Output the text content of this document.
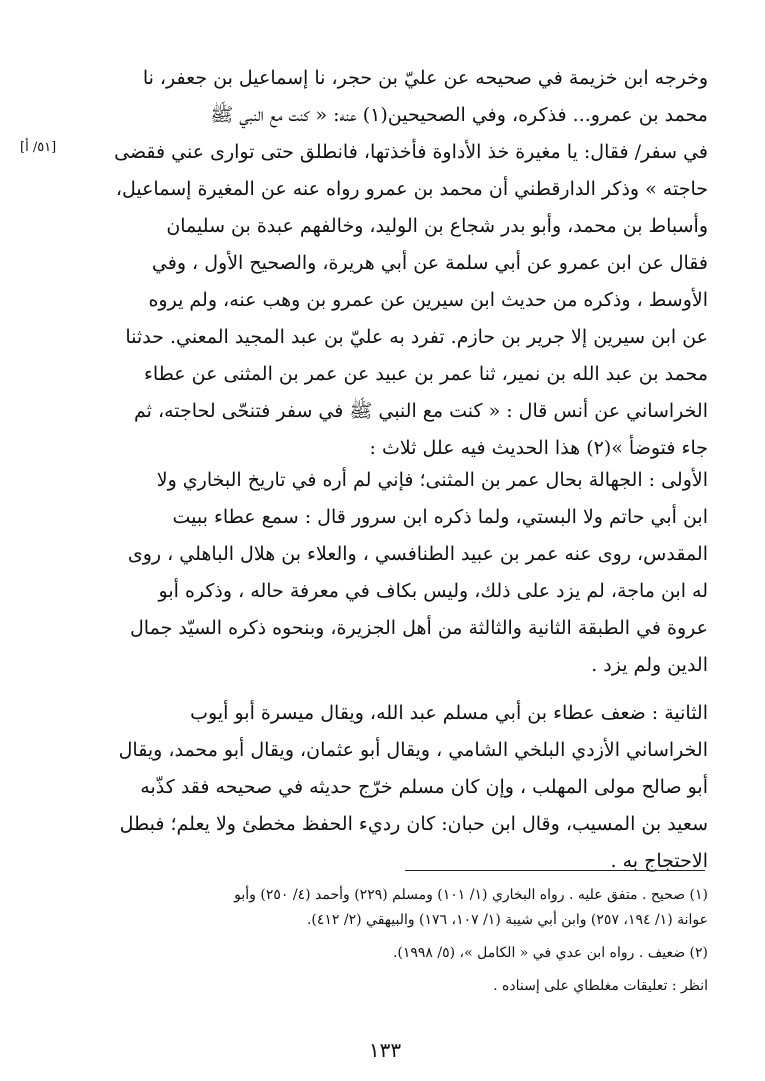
[٥١/ أ]
وخرجه ابن خزيمة في صحيحه عن عليّ بن حجر، نا إسماعيل بن جعفر، نا
محمد بن عمرو... فذكره، وفي الصحيحين(١) عنه: « كنت مع النبي ﷺ
في سفر/ فقال: يا مغيرة خذ الأداوة فأخذتها، فانطلق حتى توارى عني فقضى
حاجته » وذكر الدارقطني أن محمد بن عمرو رواه عنه عن المغيرة إسماعيل،
وأسباط بن محمد، وأبو بدر شجاع بن الوليد، وخالفهم عبدة بن سليمان
فقال عن ابن عمرو عن أبي سلمة عن أبي هريرة، والصحيح الأول ، وفي
الأوسط ، وذكره من حديث ابن سيرين عن عمرو بن وهب عنه، ولم يروه
عن ابن سيرين إلا جرير بن حازم. تفرد به عليّ بن عبد المجيد المعني. حدثنا
محمد بن عبد الله بن نمير، ثنا عمر بن عبيد عن عمر بن المثنى عن عطاء
الخراساني عن أنس قال : « كنت مع النبي ﷺ في سفر فتنحّى لحاجته، ثم
جاء فتوضأ »(٢) هذا الحديث فيه علل ثلاث :
الأولى : الجهالة بحال عمر بن المثنى؛ فإني لم أره في تاريخ البخاري ولا
ابن أبي حاتم ولا البستي، ولما ذكره ابن سرور قال : سمع عطاء ببيت
المقدس، روى عنه عمر بن عبيد الطنافسي ، والعلاء بن هلال الباهلي ، روى
له ابن ماجة، لم يزد على ذلك، وليس بكاف في معرفة حاله ، وذكره أبو
عروة في الطبقة الثانية والثالثة من أهل الجزيرة، وبنحوه ذكره السيّد جمال
الدين ولم يزد .
الثانية : ضعف عطاء بن أبي مسلم عبد الله، ويقال ميسرة أبو أيوب
الخراساني الأزدي البلخي الشامي ، ويقال أبو عثمان، ويقال أبو محمد، ويقال
أبو صالح مولى المهلب ، وإن كان مسلم خرّج حديثه في صحيحه فقد كذّبه
سعيد بن المسيب، وقال ابن حبان: كان رديء الحفظ مخطئ ولا يعلم؛ فبطل
الاحتجاج به .
(١) صحيح . متفق عليه . رواه البخاري (١/ ١٠١) ومسلم (٢٢٩) وأحمد (٤/ ٢٥٠) وأبو
عوانة (١/ ١٩٤، ٢٥٧) وابن أبي شيبة (١/ ١٠٧، ١٧٦) والبيهقي (٢/ ٤١٢).
(٢) ضعيف . رواه ابن عدي في « الكامل »، (٥/ ١٩٩٨).
انظر : تعليقات مغلطاي على إسناده .
١٣٣
